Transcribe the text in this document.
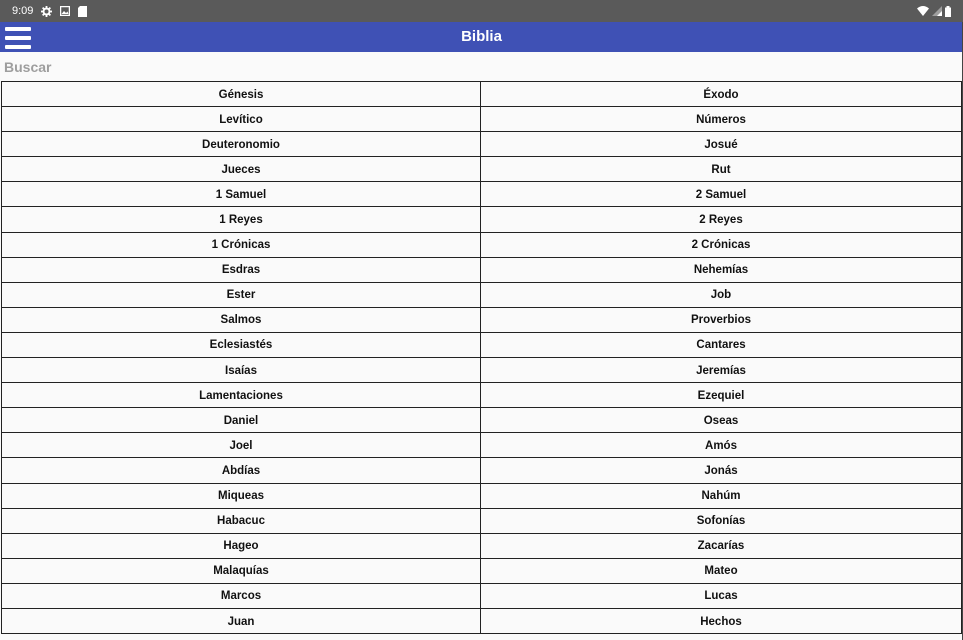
9:09
Biblia
Buscar
Génesis	Éxodo
Levítico	Números
Deuteronomio	Josué
Jueces	Rut
1 Samuel	2 Samuel
1 Reyes	2 Reyes
1 Crónicas	2 Crónicas
Esdras	Nehemías
Ester	Job
Salmos	Proverbios
Eclesiastés	Cantares
Isaías	Jeremías
Lamentaciones	Ezequiel
Daniel	Oseas
Joel	Amós
Abdías	Jonás
Miqueas	Nahúm
Habacuc	Sofonías
Hageo	Zacarías
Malaquías	Mateo
Marcos	Lucas
Juan	Hechos
